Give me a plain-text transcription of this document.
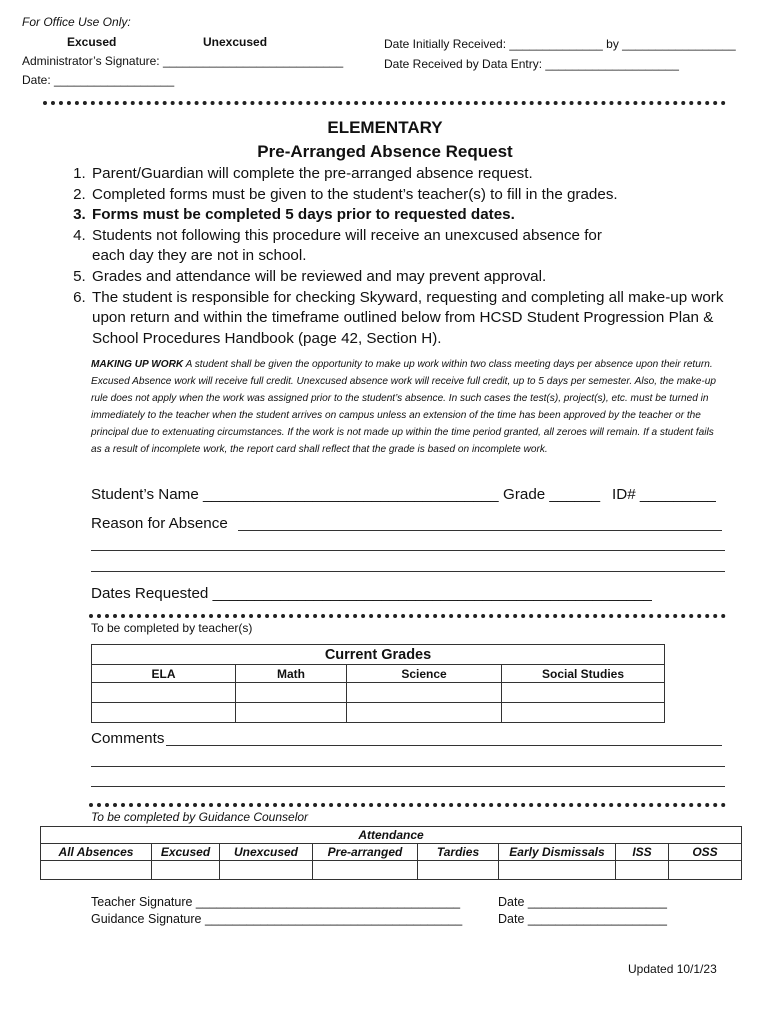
For Office Use Only:
Excused	Unexcused
Administrator’s Signature: ___________________________
Date: __________________
Date Initially Received: ______________ by _________________
Date Received by Data Entry: ____________________
ELEMENTARY
Pre-Arranged Absence Request
1. Parent/Guardian will complete the pre-arranged absence request.
2. Completed forms must be given to the student’s teacher(s) to fill in the grades.
3. Forms must be completed 5 days prior to requested dates.
4. Students not following this procedure will receive an unexcused absence for each day they are not in school.
5. Grades and attendance will be reviewed and may prevent approval.
6. The student is responsible for checking Skyward, requesting and completing all make-up work upon return and within the timeframe outlined below from HCSD Student Progression Plan & School Procedures Handbook (page 42, Section H).
MAKING UP WORK A student shall be given the opportunity to make up work within two class meeting days per absence upon their return. Excused Absence work will receive full credit. Unexcused absence work will receive full credit, up to 5 days per semester. Also, the make-up rule does not apply when the work was assigned prior to the student’s absence. In such cases the test(s), project(s), etc. must be turned in immediately to the teacher when the student arrives on campus unless an extension of the time has been approved by the teacher or the principal due to extenuating circumstances. If the work is not made up within the time period granted, all zeroes will remain. If a student fails as a result of incomplete work, the report card shall reflect that the grade is based on incomplete work.
Student’s Name ___________________________________ Grade ______ ID# _________
Reason for Absence
Dates Requested ____________________________________________________
To be completed by teacher(s)
Current Grades			
ELA	Math	Science	Social Studies

Comments
To be completed by Guidance Counselor
Attendance							
All Absences	Excused	Unexcused	Pre-arranged	Tardies	Early Dismissals	ISS	OSS

Teacher Signature ______________________________________
Guidance Signature _____________________________________
Date ____________________
Date ____________________
Updated 10/1/23
